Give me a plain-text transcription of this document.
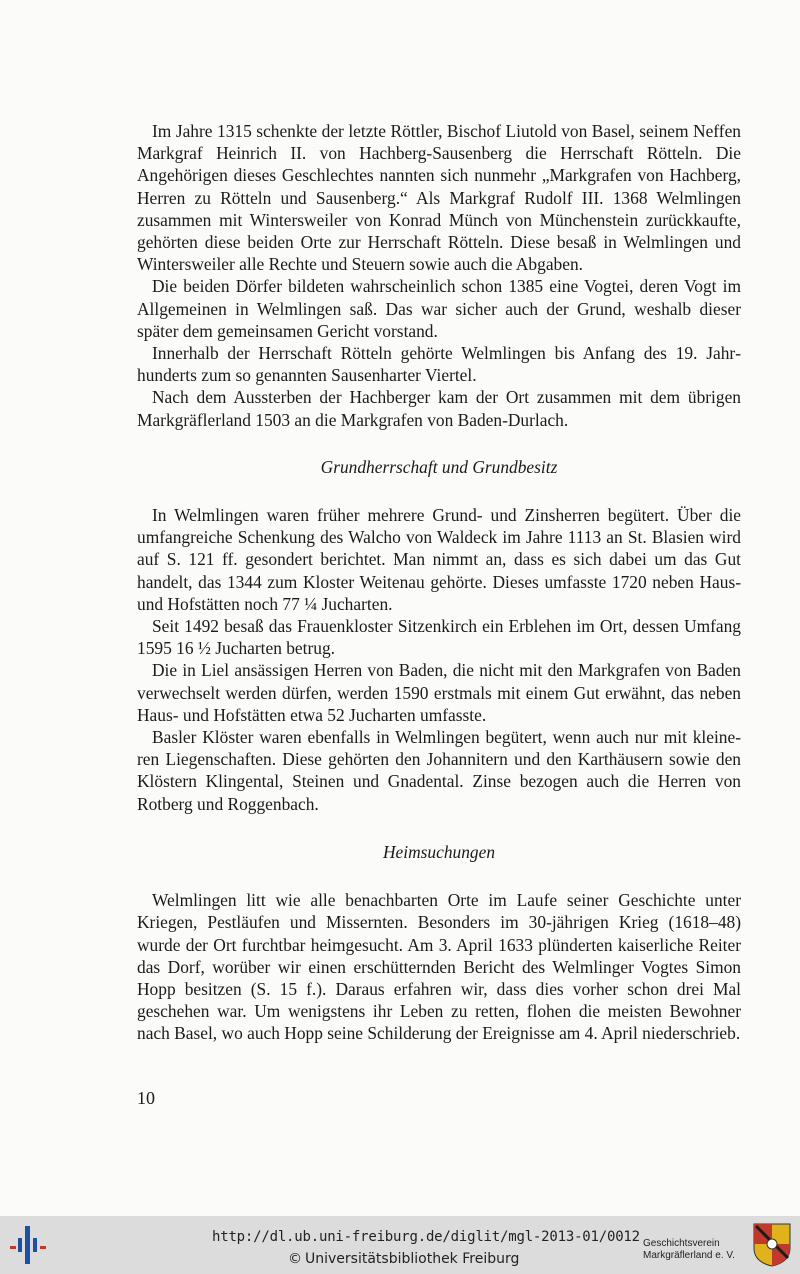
Im Jahre 1315 schenkte der letzte Röttler, Bischof Liutold von Basel, seinem Neffen Markgraf Heinrich II. von Hachberg-Sausenberg die Herrschaft Rötteln. Die Angehörigen dieses Geschlechtes nannten sich nunmehr „Markgrafen von Hachberg, Herren zu Rötteln und Sausenberg.“ Als Markgraf Rudolf III. 1368 Welmlingen zusammen mit Wintersweiler von Konrad Münch von Münchenstein zurückkaufte, gehörten diese beiden Orte zur Herrschaft Rötteln. Diese besaß in Welmlingen und Wintersweiler alle Rechte und Steuern sowie auch die Abgaben.

Die beiden Dörfer bildeten wahrscheinlich schon 1385 eine Vogtei, deren Vogt im Allgemeinen in Welmlingen saß. Das war sicher auch der Grund, weshalb dieser später dem gemeinsamen Gericht vorstand.

Innerhalb der Herrschaft Rötteln gehörte Welmlingen bis Anfang des 19. Jahrhunderts zum so genannten Sausenharter Viertel.

Nach dem Aussterben der Hachberger kam der Ort zusammen mit dem übrigen Markgräflerland 1503 an die Markgrafen von Baden-Durlach.

Grundherrschaft und Grundbesitz

In Welmlingen waren früher mehrere Grund- und Zinsherren begütert. Über die umfangreiche Schenkung des Walcho von Waldeck im Jahre 1113 an St. Blasien wird auf S. 121 ff. gesondert berichtet. Man nimmt an, dass es sich dabei um das Gut handelt, das 1344 zum Kloster Weitenau gehörte. Dieses umfasste 1720 neben Haus- und Hofstätten noch 77 ¼ Jucharten.

Seit 1492 besaß das Frauenkloster Sitzenkirch ein Erblehen im Ort, dessen Umfang 1595 16 ½ Jucharten betrug.

Die in Liel ansässigen Herren von Baden, die nicht mit den Markgrafen von Baden verwechselt werden dürfen, werden 1590 erstmals mit einem Gut erwähnt, das neben Haus- und Hofstätten etwa 52 Jucharten umfasste.

Basler Klöster waren ebenfalls in Welmlingen begütert, wenn auch nur mit kleineren Liegenschaften. Diese gehörten den Johannitern und den Karthäusern sowie den Klöstern Klingental, Steinen und Gnadental. Zinse bezogen auch die Herren von Rotberg und Roggenbach.

Heimsuchungen

Welmlingen litt wie alle benachbarten Orte im Laufe seiner Geschichte unter Kriegen, Pestläufen und Missernten. Besonders im 30-jährigen Krieg (1618–48) wurde der Ort furchtbar heimgesucht. Am 3. April 1633 plünderten kaiserliche Reiter das Dorf, worüber wir einen erschütternden Bericht des Welmlinger Vogtes Simon Hopp besitzen (S. 15 f.). Daraus erfahren wir, dass dies vorher schon drei Mal geschehen war. Um wenigstens ihr Leben zu retten, flohen die meisten Bewohner nach Basel, wo auch Hopp seine Schilderung der Ereignisse am 4. April niederschrieb.

10
http://dl.ub.uni-freiburg.de/diglit/mgl-2013-01/0012
© Universitätsbibliothek Freiburg
Geschichtsverein
Markgräflerland e. V.
